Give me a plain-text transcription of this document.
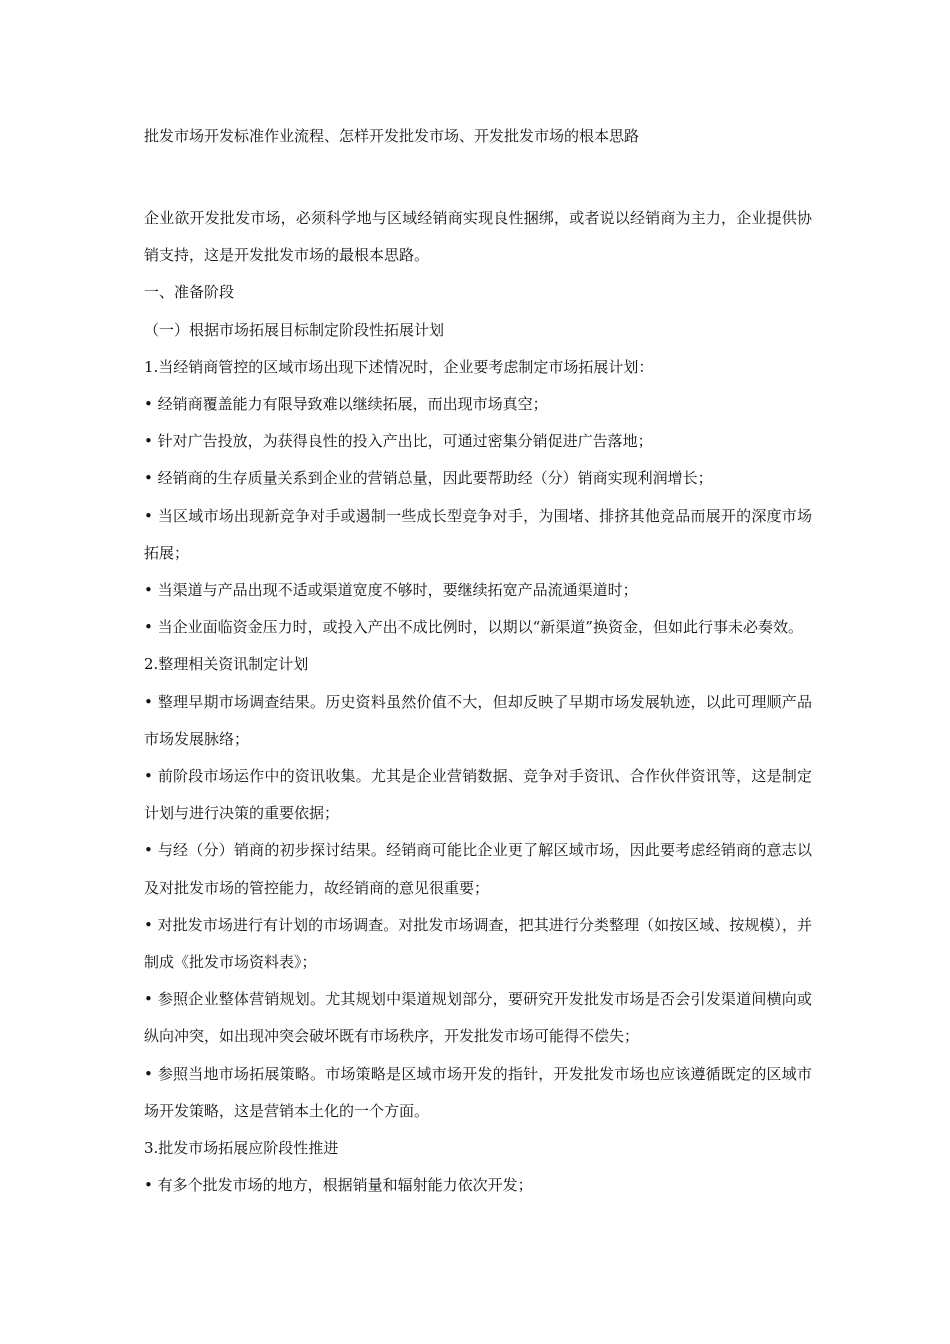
批发市场开发标准作业流程、怎样开发批发市场、开发批发市场的根本思路

企业欲开发批发市场，必须科学地与区域经销商实现良性捆绑，或者说以经销商为主力，企业提供协销支持，这是开发批发市场的最根本思路。

一、准备阶段

（一）根据市场拓展目标制定阶段性拓展计划

1.当经销商管控的区域市场出现下述情况时，企业要考虑制定市场拓展计划：

• 经销商覆盖能力有限导致难以继续拓展，而出现市场真空；

• 针对广告投放，为获得良性的投入产出比，可通过密集分销促进广告落地；

• 经销商的生存质量关系到企业的营销总量，因此要帮助经（分）销商实现利润增长；

• 当区域市场出现新竞争对手或遏制一些成长型竞争对手，为围堵、排挤其他竞品而展开的深度市场拓展；

• 当渠道与产品出现不适或渠道宽度不够时，要继续拓宽产品流通渠道时；

• 当企业面临资金压力时，或投入产出不成比例时，以期以“新渠道”换资金，但如此行事未必奏效。

2.整理相关资讯制定计划

• 整理早期市场调查结果。历史资料虽然价值不大，但却反映了早期市场发展轨迹，以此可理顺产品市场发展脉络；

• 前阶段市场运作中的资讯收集。尤其是企业营销数据、竞争对手资讯、合作伙伴资讯等，这是制定计划与进行决策的重要依据；

• 与经（分）销商的初步探讨结果。经销商可能比企业更了解区域市场，因此要考虑经销商的意志以及对批发市场的管控能力，故经销商的意见很重要；

• 对批发市场进行有计划的市场调查。对批发市场调查，把其进行分类整理（如按区域、按规模），并制成《批发市场资料表》；

• 参照企业整体营销规划。尤其规划中渠道规划部分，要研究开发批发市场是否会引发渠道间横向或纵向冲突，如出现冲突会破坏既有市场秩序，开发批发市场可能得不偿失；

• 参照当地市场拓展策略。市场策略是区域市场开发的指针，开发批发市场也应该遵循既定的区域市场开发策略，这是营销本土化的一个方面。

3.批发市场拓展应阶段性推进

• 有多个批发市场的地方，根据销量和辐射能力依次开发；
